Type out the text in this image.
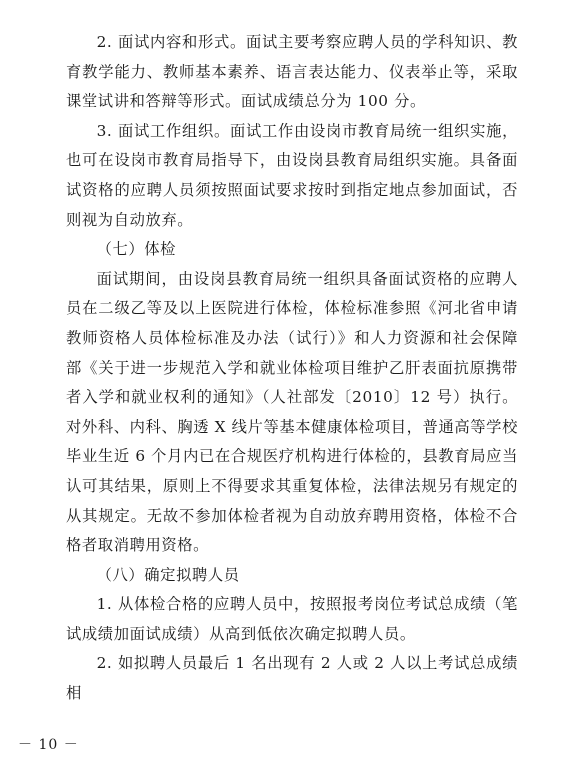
2. 面试内容和形式。面试主要考察应聘人员的学科知识、教育教学能力、教师基本素养、语言表达能力、仪表举止等，采取课堂试讲和答辩等形式。面试成绩总分为 100 分。

3. 面试工作组织。面试工作由设岗市教育局统一组织实施，也可在设岗市教育局指导下，由设岗县教育局组织实施。具备面试资格的应聘人员须按照面试要求按时到指定地点参加面试，否则视为自动放弃。

（七）体检

面试期间，由设岗县教育局统一组织具备面试资格的应聘人员在二级乙等及以上医院进行体检，体检标准参照《河北省申请教师资格人员体检标准及办法（试行）》和人力资源和社会保障部《关于进一步规范入学和就业体检项目维护乙肝表面抗原携带者入学和就业权利的通知》（人社部发〔2010〕12 号）执行。对外科、内科、胸透 X 线片等基本健康体检项目，普通高等学校毕业生近 6 个月内已在合规医疗机构进行体检的，县教育局应当认可其结果，原则上不得要求其重复体检，法律法规另有规定的从其规定。无故不参加体检者视为自动放弃聘用资格，体检不合格者取消聘用资格。

（八）确定拟聘人员

1. 从体检合格的应聘人员中，按照报考岗位考试总成绩（笔试成绩加面试成绩）从高到低依次确定拟聘人员。

2. 如拟聘人员最后 1 名出现有 2 人或 2 人以上考试总成绩相

－ 10 －
